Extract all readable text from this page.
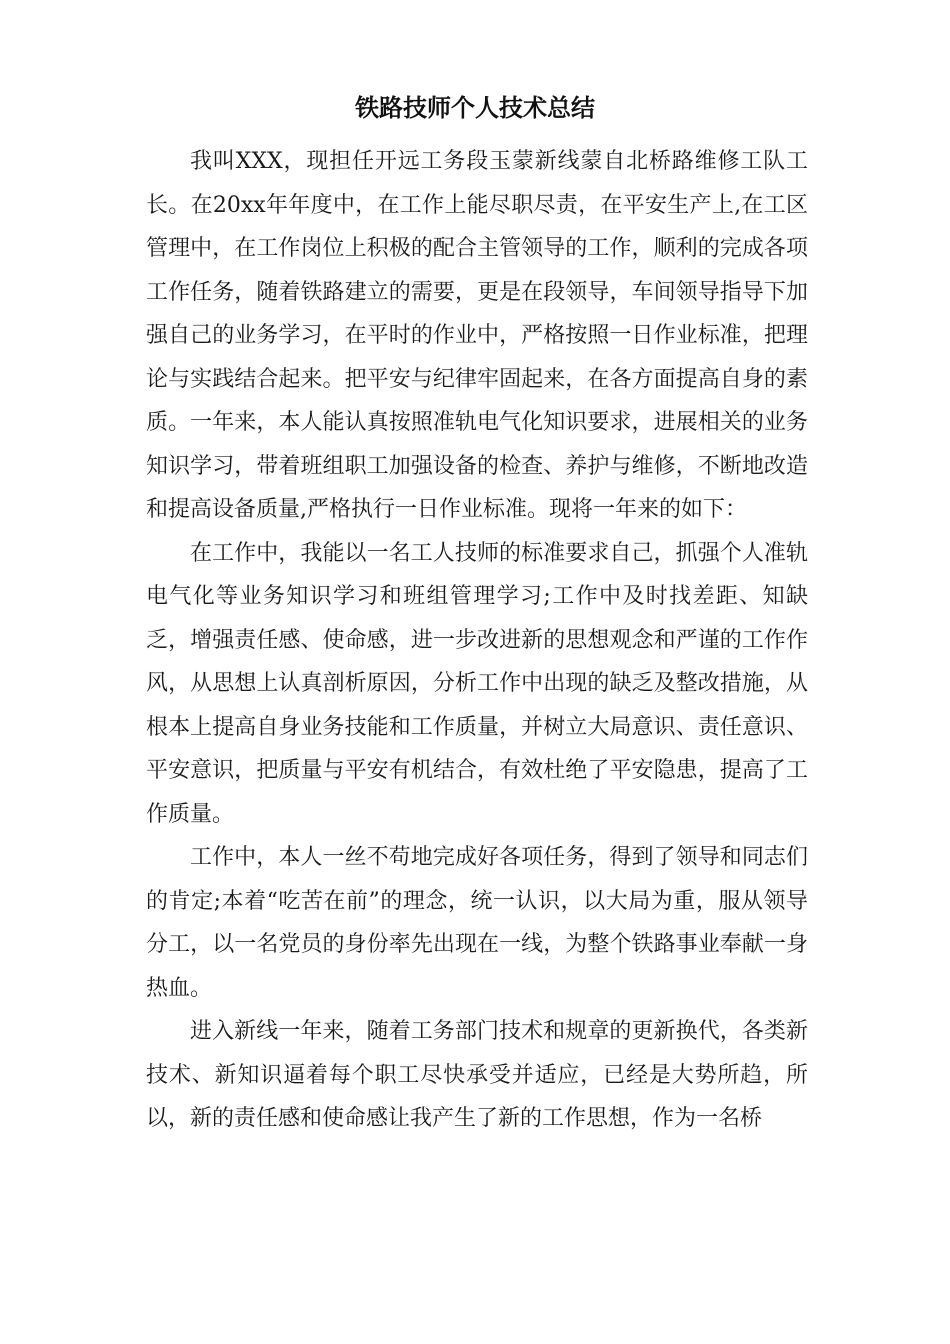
铁路技师个人技术总结

我叫XXX，现担任开远工务段玉蒙新线蒙自北桥路维修工队工长。在20xx年年度中，在工作上能尽职尽责，在平安生产上,在工区管理中，在工作岗位上积极的配合主管领导的工作，顺利的完成各项工作任务，随着铁路建立的需要，更是在段领导，车间领导指导下加强自己的业务学习，在平时的作业中，严格按照一日作业标准，把理论与实践结合起来。把平安与纪律牢固起来，在各方面提高自身的素质。一年来，本人能认真按照准轨电气化知识要求，进展相关的业务知识学习，带着班组职工加强设备的检查、养护与维修，不断地改造和提高设备质量,严格执行一日作业标准。现将一年来的如下：

在工作中，我能以一名工人技师的标准要求自己，抓强个人准轨电气化等业务知识学习和班组管理学习;工作中及时找差距、知缺乏，增强责任感、使命感，进一步改进新的思想观念和严谨的工作作风，从思想上认真剖析原因，分析工作中出现的缺乏及整改措施，从根本上提高自身业务技能和工作质量，并树立大局意识、责任意识、平安意识，把质量与平安有机结合，有效杜绝了平安隐患，提高了工作质量。

工作中，本人一丝不苟地完成好各项任务，得到了领导和同志们的肯定;本着“吃苦在前”的理念，统一认识，以大局为重，服从领导分工，以一名党员的身份率先出现在一线，为整个铁路事业奉献一身热血。

进入新线一年来，随着工务部门技术和规章的更新换代，各类新技术、新知识逼着每个职工尽快承受并适应，已经是大势所趋，所以，新的责任感和使命感让我产生了新的工作思想，作为一名桥
